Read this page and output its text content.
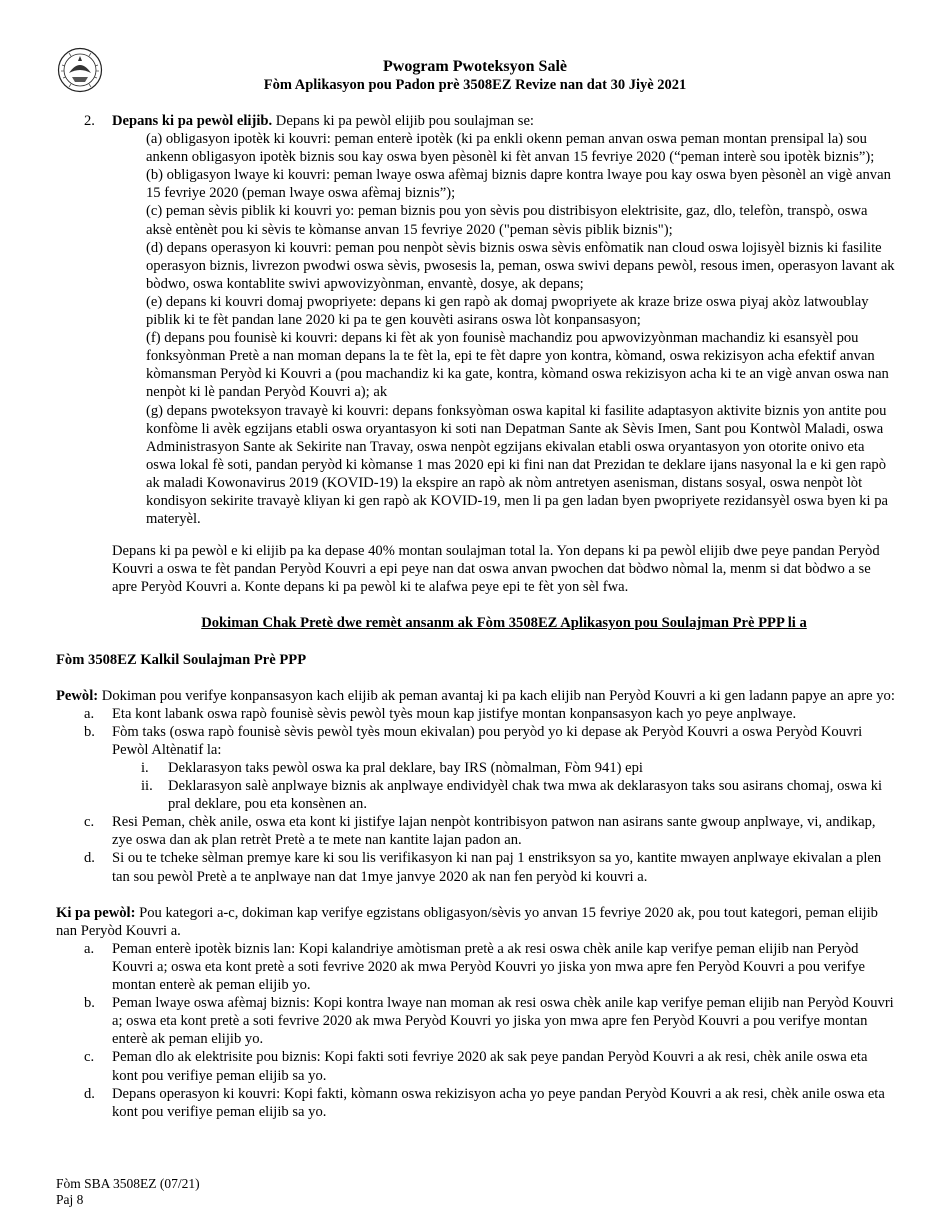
Pwogram Pwoteksyon Salè
Fòm Aplikasyon pou Padon prè 3508EZ Revize nan dat 30 Jiyè 2021
2. Depans ki pa pewòl elijib. Depans ki pa pewòl elijib pou soulajman se:
(a) obligasyon ipotèk ki kouvri: peman enterè ipotèk (ki pa enkli okenn peman anvan oswa peman montan prensipal la) sou ankenn obligasyon ipotèk biznis sou kay oswa byen pèsonèl ki fèt anvan 15 fevriye 2020 (“peman interè sou ipotèk biznis”);
(b) obligasyon lwaye ki kouvri: peman lwaye oswa afèmaj biznis dapre kontra lwaye pou kay oswa byen pèsonèl an vigè anvan 15 fevriye 2020 (peman lwaye oswa afèmaj biznis”);
(c) peman sèvis piblik ki kouvri yo: peman biznis pou yon sèvis pou distribisyon elektrisite, gaz, dlo, telefòn, transpò, oswa aksè entènèt pou ki sèvis te kòmanse anvan 15 fevriye 2020 ("peman sèvis piblik biznis");
(d) depans operasyon ki kouvri: peman pou nenpòt sèvis biznis oswa sèvis enfòmatik nan cloud oswa lojisyèl biznis ki fasilite operasyon biznis, livrezon pwodwi oswa sèvis, pwosesis la, peman, oswa swivi depans pewòl, resous imen, operasyon lavant ak bòdwo, oswa kontablite swivi apwovizyònman, envantè, dosye, ak depans;
(e) depans ki kouvri domaj pwopriyete: depans ki gen rapò ak domaj pwopriyete ak kraze brize oswa piyaj akòz latwoublay piblik ki te fèt pandan lane 2020 ki pa te gen kouvèti asirans oswa lòt konpansasyon;
(f) depans pou founisè ki kouvri: depans ki fèt ak yon founisè machandiz pou apwovizyònman machandiz ki esansyèl pou fonksyònman Pretè a nan moman depans la te fèt la, epi te fèt dapre yon kontra, kòmand, oswa rekizisyon acha efektif anvan kòmansman Peryòd ki Kouvri a (pou machandiz ki ka gate, kontra, kòmand oswa rekizisyon acha ki te an vigè anvan oswa nan nenpòt ki lè pandan Peryòd Kouvri a); ak
(g) depans pwoteksyon travayè ki kouvri: depans fonksyòman oswa kapital ki fasilite adaptasyon aktivite biznis yon antite pou konfòme li avèk egzijans etabli oswa oryantasyon ki soti nan Depatman Sante ak Sèvis Imen, Sant pou Kontwòl Maladi, oswa Administrasyon Sante ak Sekirite nan Travay, oswa nenpòt egzijans ekivalan etabli oswa oryantasyon yon otorite onivo eta oswa lokal fè soti, pandan peryòd ki kòmanse 1 mas 2020 epi ki fini nan dat Prezidan te deklare ijans nasyonal la e ki gen rapò ak maladi Kowonavirus 2019 (KOVID-19) la ekspire an rapò ak nòm antretyen asenisman, distans sosyal, oswa nenpòt lòt kondisyon sekirite travayè kliyan ki gen rapò ak KOVID-19, men li pa gen ladan byen pwopriyete rezidansyèl oswa byen ki pa materyèl.
Depans ki pa pewòl e ki elijib pa ka depase 40% montan soulajman total la. Yon depans ki pa pewòl elijib dwe peye pandan Peryòd Kouvri a oswa te fèt pandan Peryòd Kouvri a epi peye nan dat oswa anvan pwochen dat bòdwo nòmal la, menm si dat bòdwo a se apre Peryòd Kouvri a. Konte depans ki pa pewòl ki te alafwa peye epi te fèt yon sèl fwa.
Dokiman Chak Pretè dwe remèt ansanm ak Fòm 3508EZ Aplikasyon pou Soulajman Prè PPP li a
Fòm 3508EZ Kalkil Soulajman Prè PPP
Pewòl: Dokiman pou verifye konpansasyon kach elijib ak peman avantaj ki pa kach elijib nan Peryòd Kouvri a ki gen ladann papye an apre yo:
a. Eta kont labank oswa rapò founisè sèvis pewòl tyès moun kap jistifye montan konpansasyon kach yo peye anplwaye.
b. Fòm taks (oswa rapò founisè sèvis pewòl tyès moun ekivalan) pou peryòd yo ki depase ak Peryòd Kouvri a oswa Peryòd Kouvri Pewòl Altènatif la:
i. Deklarasyon taks pewòl oswa ka pral deklare, bay IRS (nòmalman, Fòm 941) epi
ii. Deklarasyon salè anplwaye biznis ak anplwaye endividyèl chak twa mwa ak deklarasyon taks sou asirans chomaj, oswa ki pral deklare, pou eta konsènen an.
c. Resi Peman, chèk anile, oswa eta kont ki jistifye lajan nenpòt kontribisyon patwon nan asirans sante gwoup anplwaye, vi, andikap, zye oswa dan ak plan retrèt Pretè a te mete nan kantite lajan padon an.
d. Si ou te tcheke sèlman premye kare ki sou lis verifikasyon ki nan paj 1 enstriksyon sa yo, kantite mwayen anplwaye ekivalan a plen tan sou pewòl Pretè a te anplwaye nan dat 1mye janvye 2020 ak nan fen peryòd ki kouvri a.
Ki pa pewòl: Pou kategori a-c, dokiman kap verifye egzistans obligasyon/sèvis yo anvan 15 fevriye 2020 ak, pou tout kategori, peman elijib nan Peryòd Kouvri a.
a. Peman enterè ipotèk biznis lan: Kopi kalandriye amòtisman pretè a ak resi oswa chèk anile kap verifye peman elijib nan Peryòd Kouvri a; oswa eta kont pretè a soti fevrive 2020 ak mwa Peryòd Kouvri yo jiska yon mwa apre fen Peryòd Kouvri a pou verifye montan enterè ak peman elijib yo.
b. Peman lwaye oswa afèmaj biznis: Kopi kontra lwaye nan moman ak resi oswa chèk anile kap verifye peman elijib nan Peryòd Kouvri a; oswa eta kont pretè a soti fevrive 2020 ak mwa Peryòd Kouvri yo jiska yon mwa apre fen Peryòd Kouvri a pou verifye montan enterè ak peman elijib yo.
c. Peman dlo ak elektrisite pou biznis: Kopi fakti soti fevriye 2020 ak sak peye pandan Peryòd Kouvri a ak resi, chèk anile oswa eta kont pou verifiye peman elijib sa yo.
d. Depans operasyon ki kouvri: Kopi fakti, kòmann oswa rekizisyon acha yo peye pandan Peryòd Kouvri a ak resi, chèk anile oswa eta kont pou verifiye peman elijib sa yo.
Fòm SBA 3508EZ (07/21)
Paj 8
